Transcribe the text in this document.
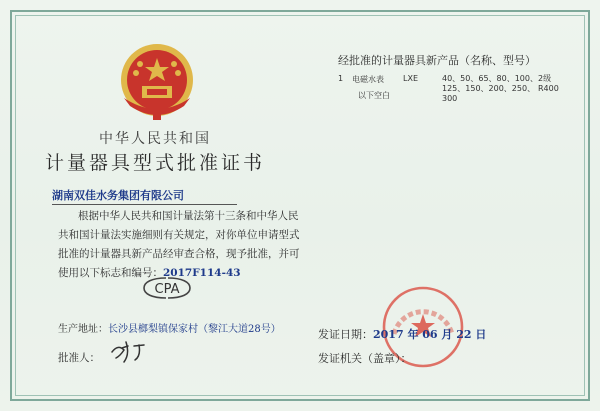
中华人民共和国
计量器具型式批准证书
湖南双佳水务集团有限公司
根据中华人民共和国计量法第十三条和中华人民共和国计量法实施细则有关规定，对你单位申请型式批准的计量器具新产品经审查合格，现予批准，并可使用以下标志和编号：2017F114-43
CPA
生产地址：长沙县榔梨镇保家村（黎江大道28号）
批准人：
经批准的计量器具新产品（名称、型号）
1 电磁水表
以下空白
LXE	40、50、65、80、100、125、150、200、250、300
2级 R400
发证日期：2017 年 06 月 22 日
发证机关（盖章）：
